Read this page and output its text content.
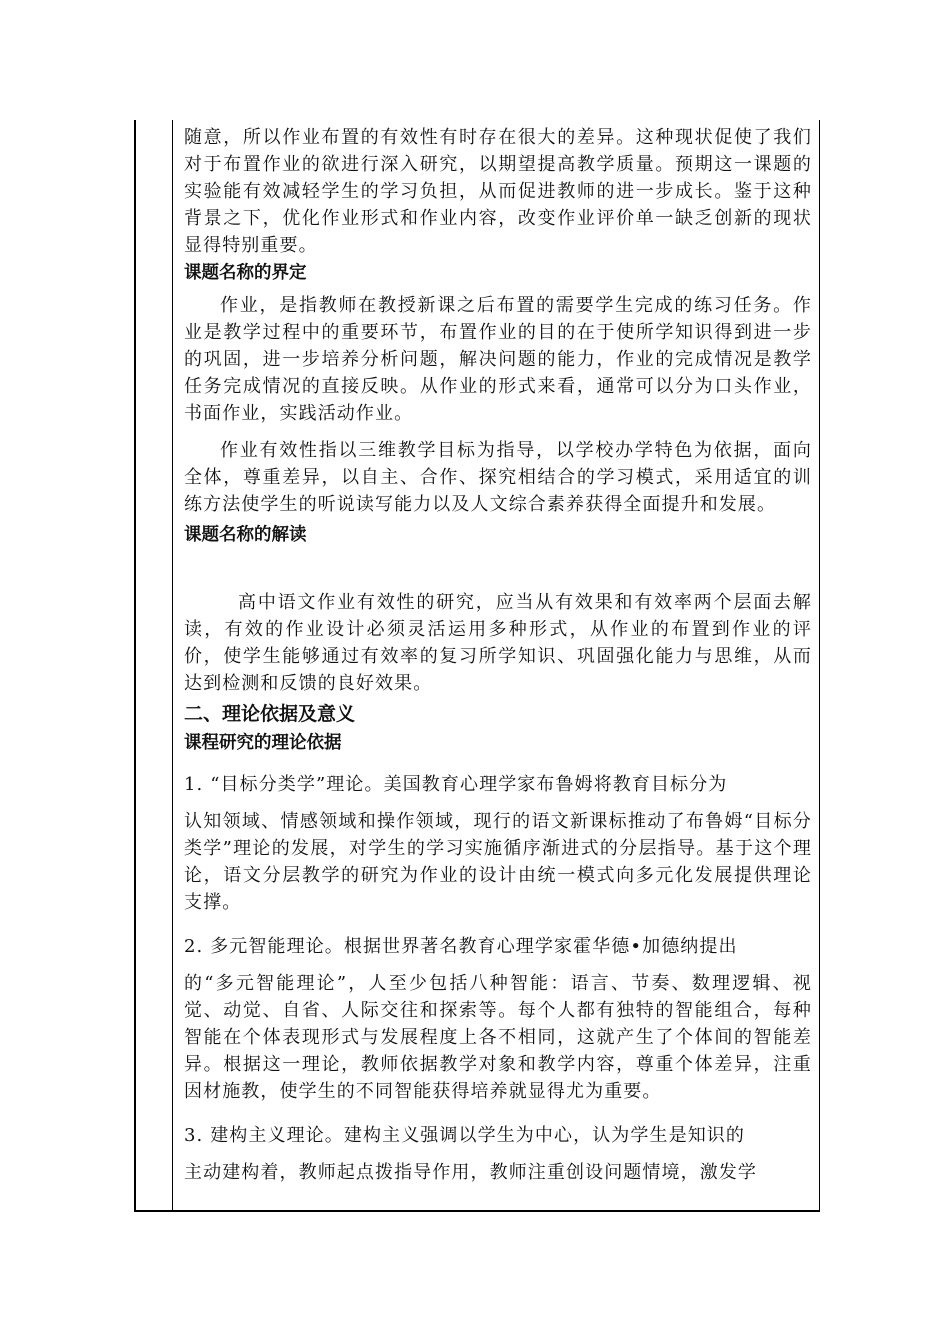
随意，所以作业布置的有效性有时存在很大的差异。这种现状促使了我们对于布置作业的欲进行深入研究，以期望提高教学质量。预期这一课题的实验能有效减轻学生的学习负担，从而促进教师的进一步成长。鉴于这种背景之下，优化作业形式和作业内容，改变作业评价单一缺乏创新的现状显得特别重要。

课题名称的界定

作业，是指教师在教授新课之后布置的需要学生完成的练习任务。作业是教学过程中的重要环节，布置作业的目的在于使所学知识得到进一步的巩固，进一步培养分析问题，解决问题的能力，作业的完成情况是教学任务完成情况的直接反映。从作业的形式来看，通常可以分为口头作业，书面作业，实践活动作业。

作业有效性指以三维教学目标为指导，以学校办学特色为依据，面向全体，尊重差异，以自主、合作、探究相结合的学习模式，采用适宜的训练方法使学生的听说读写能力以及人文综合素养获得全面提升和发展。

课题名称的解读

高中语文作业有效性的研究，应当从有效果和有效率两个层面去解读，有效的作业设计必须灵活运用多种形式，从作业的布置到作业的评价，使学生能够通过有效率的复习所学知识、巩固强化能力与思维，从而达到检测和反馈的良好效果。

二、理论依据及意义
课程研究的理论依据

1. “目标分类学”理论。美国教育心理学家布鲁姆将教育目标分为

认知领域、情感领域和操作领域，现行的语文新课标推动了布鲁姆“目标分类学”理论的发展，对学生的学习实施循序渐进式的分层指导。基于这个理论，语文分层教学的研究为作业的设计由统一模式向多元化发展提供理论支撑。

2. 多元智能理论。根据世界著名教育心理学家霍华德•加德纳提出

的“多元智能理论”，人至少包括八种智能：语言、节奏、数理逻辑、视觉、动觉、自省、人际交往和探索等。每个人都有独特的智能组合，每种智能在个体表现形式与发展程度上各不相同，这就产生了个体间的智能差异。根据这一理论，教师依据教学对象和教学内容，尊重个体差异，注重因材施教，使学生的不同智能获得培养就显得尤为重要。

3. 建构主义理论。建构主义强调以学生为中心，认为学生是知识的

主动建构着，教师起点拨指导作用，教师注重创设问题情境，激发学
